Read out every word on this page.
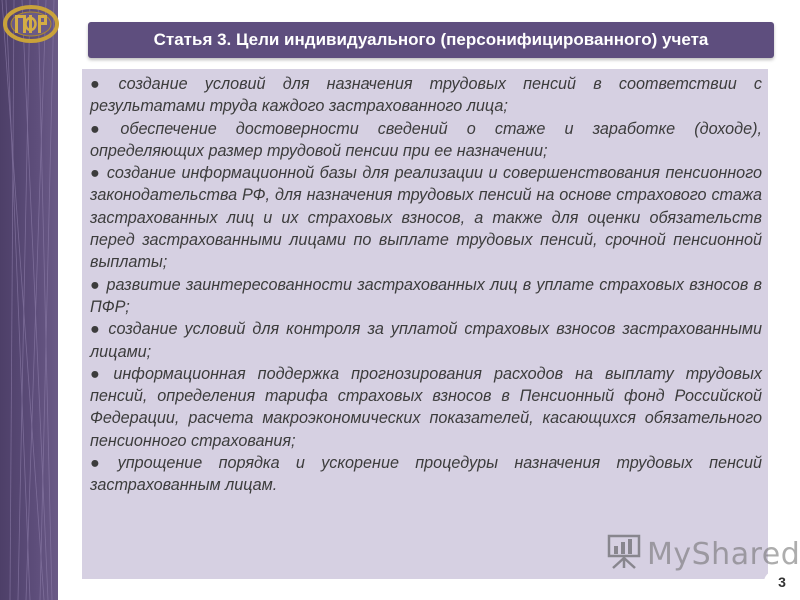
Статья 3. Цели индивидуального (персонифицированного) учета
● создание условий для назначения трудовых пенсий в соответствии с результатами труда каждого застрахованного лица;
● обеспечение достоверности сведений о стаже и заработке (доходе), определяющих размер трудовой пенсии при ее назначении;
● создание информационной базы для реализации и совершенствования пенсионного законодательства РФ, для назначения трудовых пенсий на основе страхового стажа застрахованных лиц и их страховых взносов, а также для оценки обязательств перед застрахованными лицами по выплате трудовых пенсий, срочной пенсионной выплаты;
● развитие заинтересованности застрахованных лиц в уплате страховых взносов в ПФР;
● создание условий для контроля за уплатой страховых взносов застрахованными лицами;
● информационная поддержка прогнозирования расходов на выплату трудовых пенсий, определения тарифа страховых взносов в Пенсионный фонд Российской Федерации, расчета макроэкономических показателей, касающихся обязательного пенсионного страхования;
● упрощение порядка и ускорение процедуры назначения трудовых пенсий застрахованным лицам.
MyShared
3
